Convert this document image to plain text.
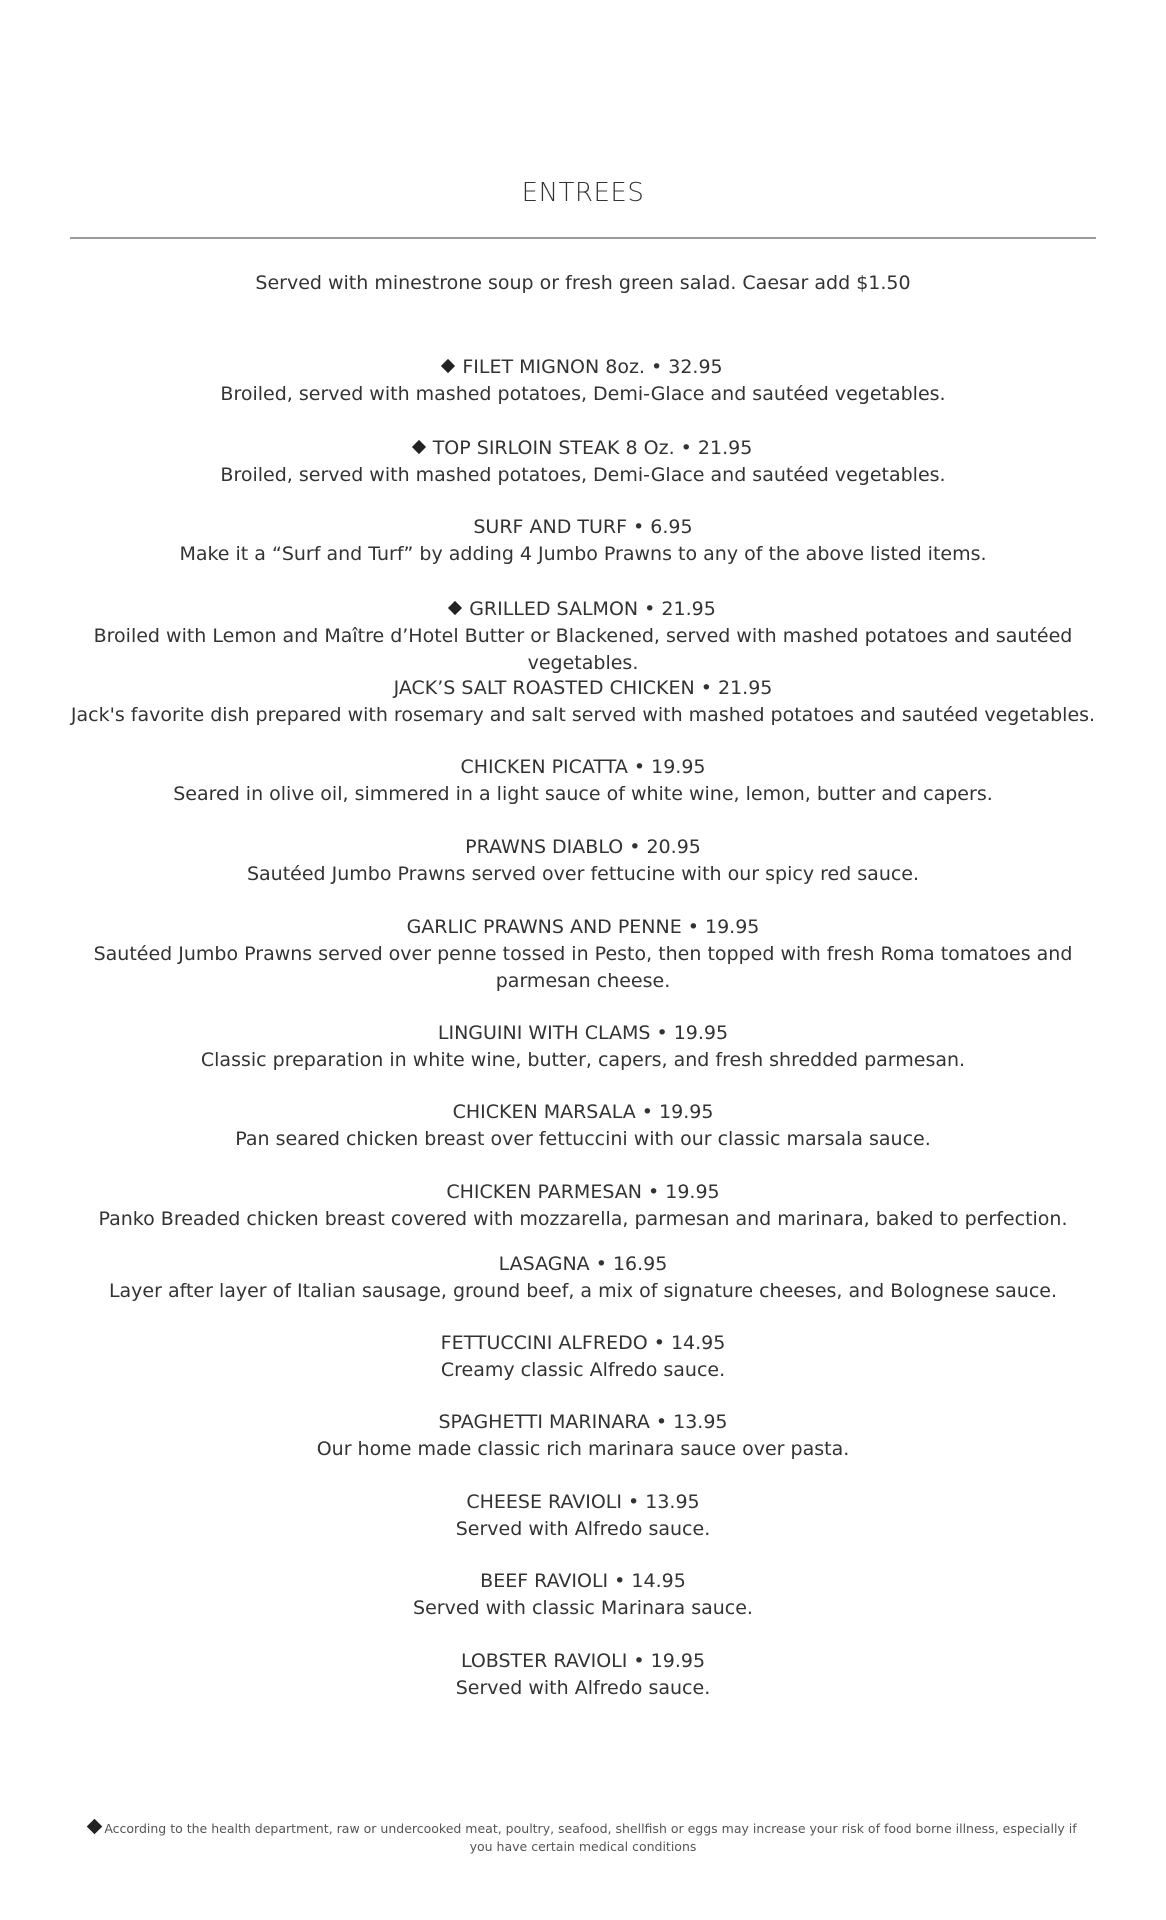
ENTREES
Served with minestrone soup or fresh green salad. Caesar add $1.50
FILET MIGNON 8oz. • 32.95
Broiled, served with mashed potatoes, Demi-Glace and sautéed vegetables.
TOP SIRLOIN STEAK 8 Oz. • 21.95
Broiled, served with mashed potatoes, Demi-Glace and sautéed vegetables.
SURF AND TURF • 6.95
Make it a “Surf and Turf” by adding 4 Jumbo Prawns to any of the above listed items.
GRILLED SALMON • 21.95
Broiled with Lemon and Maître d’Hotel Butter or Blackened, served with mashed potatoes and sautéed vegetables.
JACK’S SALT ROASTED CHICKEN • 21.95
Jack's favorite dish prepared with rosemary and salt served with mashed potatoes and sautéed vegetables.
CHICKEN PICATTA • 19.95
Seared in olive oil, simmered in a light sauce of white wine, lemon, butter and capers.
PRAWNS DIABLO • 20.95
Sautéed Jumbo Prawns served over fettucine with our spicy red sauce.
GARLIC PRAWNS AND PENNE • 19.95
Sautéed Jumbo Prawns served over penne tossed in Pesto, then topped with fresh Roma tomatoes and parmesan cheese.
LINGUINI WITH CLAMS • 19.95
Classic preparation in white wine, butter, capers, and fresh shredded parmesan.
CHICKEN MARSALA • 19.95
Pan seared chicken breast over fettuccini with our classic marsala sauce.
CHICKEN PARMESAN • 19.95
Panko Breaded chicken breast covered with mozzarella, parmesan and marinara, baked to perfection.
LASAGNA • 16.95
Layer after layer of Italian sausage, ground beef, a mix of signature cheeses, and Bolognese sauce.
FETTUCCINI ALFREDO • 14.95
Creamy classic Alfredo sauce.
SPAGHETTI MARINARA • 13.95
Our home made classic rich marinara sauce over pasta.
CHEESE RAVIOLI • 13.95
Served with Alfredo sauce.
BEEF RAVIOLI • 14.95
Served with classic Marinara sauce.
LOBSTER RAVIOLI • 19.95
Served with Alfredo sauce.
According to the health department, raw or undercooked meat, poultry, seafood, shellfish or eggs may increase your risk of food borne illness, especially if you have certain medical conditions
